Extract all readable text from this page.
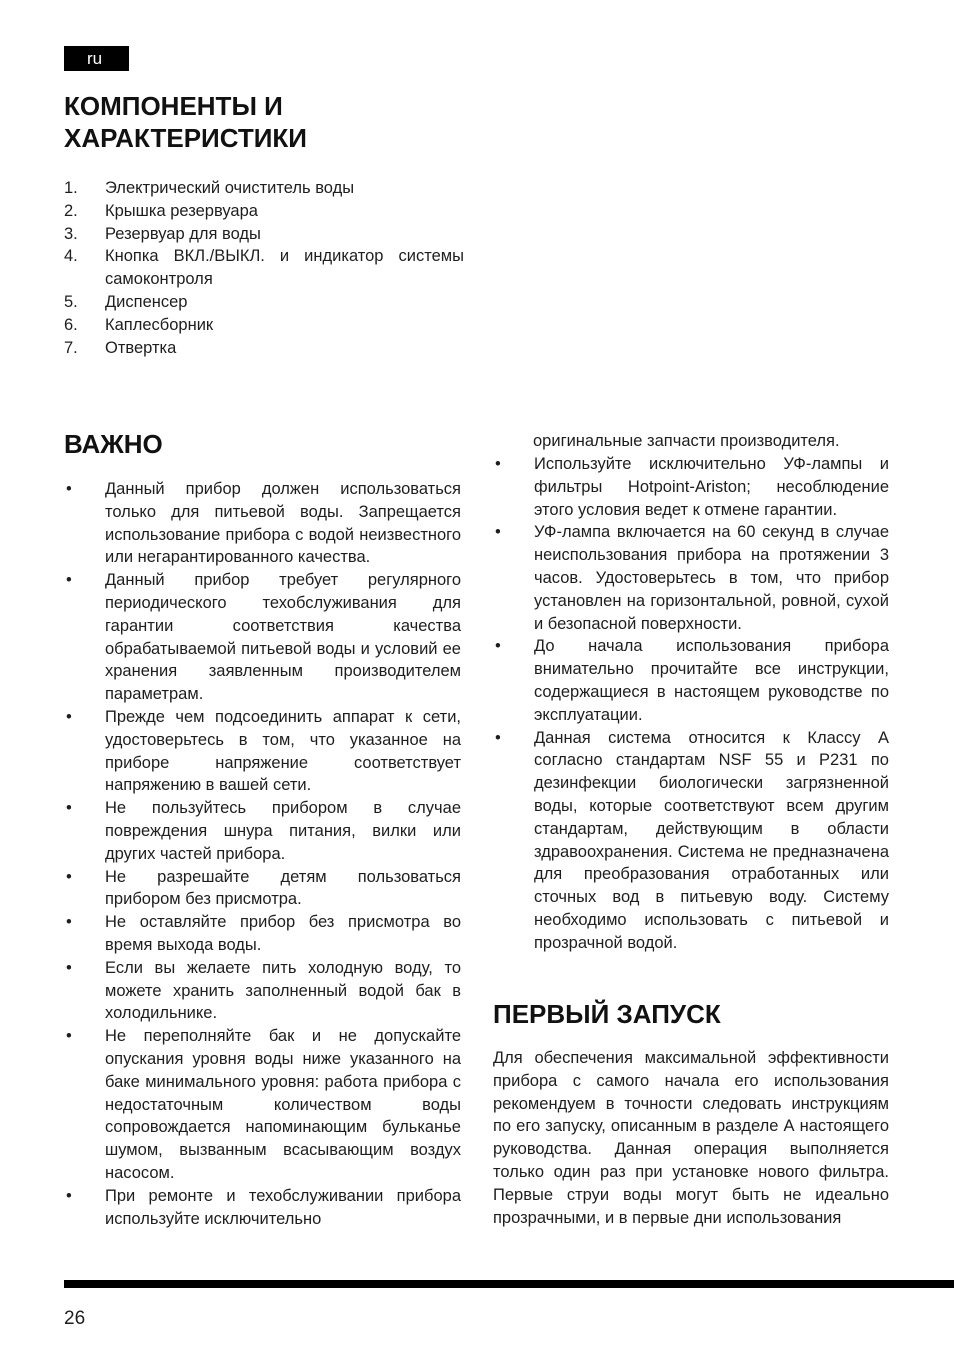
ru
КОМПОНЕНТЫ И ХАРАКТЕРИСТИКИ
1.	Электрический очиститель воды
2.	Крышка резервуара
3.	Резервуар для воды
4.	Кнопка ВКЛ./ВЫКЛ. и индикатор системы самоконтроля
5.	Диспенсер
6.	Каплесборник
7.	Отвертка
ВАЖНО
•	Данный прибор должен использоваться только для питьевой воды. Запрещается использование прибора с водой неизвестного или негарантированного качества.
•	Данный прибор требует регулярного периодического техобслуживания для гарантии соответствия качества обрабатываемой питьевой воды и условий ее хранения заявленным производителем параметрам.
•	Прежде чем подсоединить аппарат к сети, удостоверьтесь в том, что указанное на приборе напряжение соответствует напряжению в вашей сети.
•	Не пользуйтесь прибором в случае повреждения шнура питания, вилки или других частей прибора.
•	Не разрешайте детям пользоваться прибором без присмотра.
•	Не оставляйте прибор без присмотра во время выхода воды.
•	Если вы желаете пить холодную воду, то можете хранить заполненный водой бак в холодильнике.
•	Не переполняйте бак и не допускайте опускания уровня воды ниже указанного на баке минимального уровня: работа прибора с недостаточным количеством воды сопровождается напоминающим бульканье шумом, вызванным всасывающим воздух насосом.
•	При ремонте и техобслуживании прибора используйте исключительно
оригинальные запчасти производителя.
•	Используйте исключительно УФ-лампы и фильтры Hotpoint-Ariston; несоблюдение этого условия ведет к отмене гарантии.
•	УФ-лампа включается на 60 секунд в случае неиспользования прибора на протяжении 3 часов. Удостоверьтесь в том, что прибор установлен на горизонтальной, ровной, сухой и безопасной поверхности.
•	До начала использования прибора внимательно прочитайте все инструкции, содержащиеся в настоящем руководстве по эксплуатации.
•	Данная система относится к Классу А согласно стандартам NSF 55 и P231 по дезинфекции биологически загрязненной воды, которые соответствуют всем другим стандартам, действующим в области здравоохранения. Система не предназначена для преобразования отработанных или сточных вод в питьевую воду. Систему необходимо использовать с питьевой и прозрачной водой.
ПЕРВЫЙ ЗАПУСК

Для обеспечения максимальной эффективности прибора с самого начала его использования рекомендуем в точности следовать инструкциям по его запуску, описанным в разделе А настоящего руководства. Данная операция выполняется только один раз при установке нового фильтра. Первые струи воды могут быть не идеально прозрачными, и в первые дни использования

26
